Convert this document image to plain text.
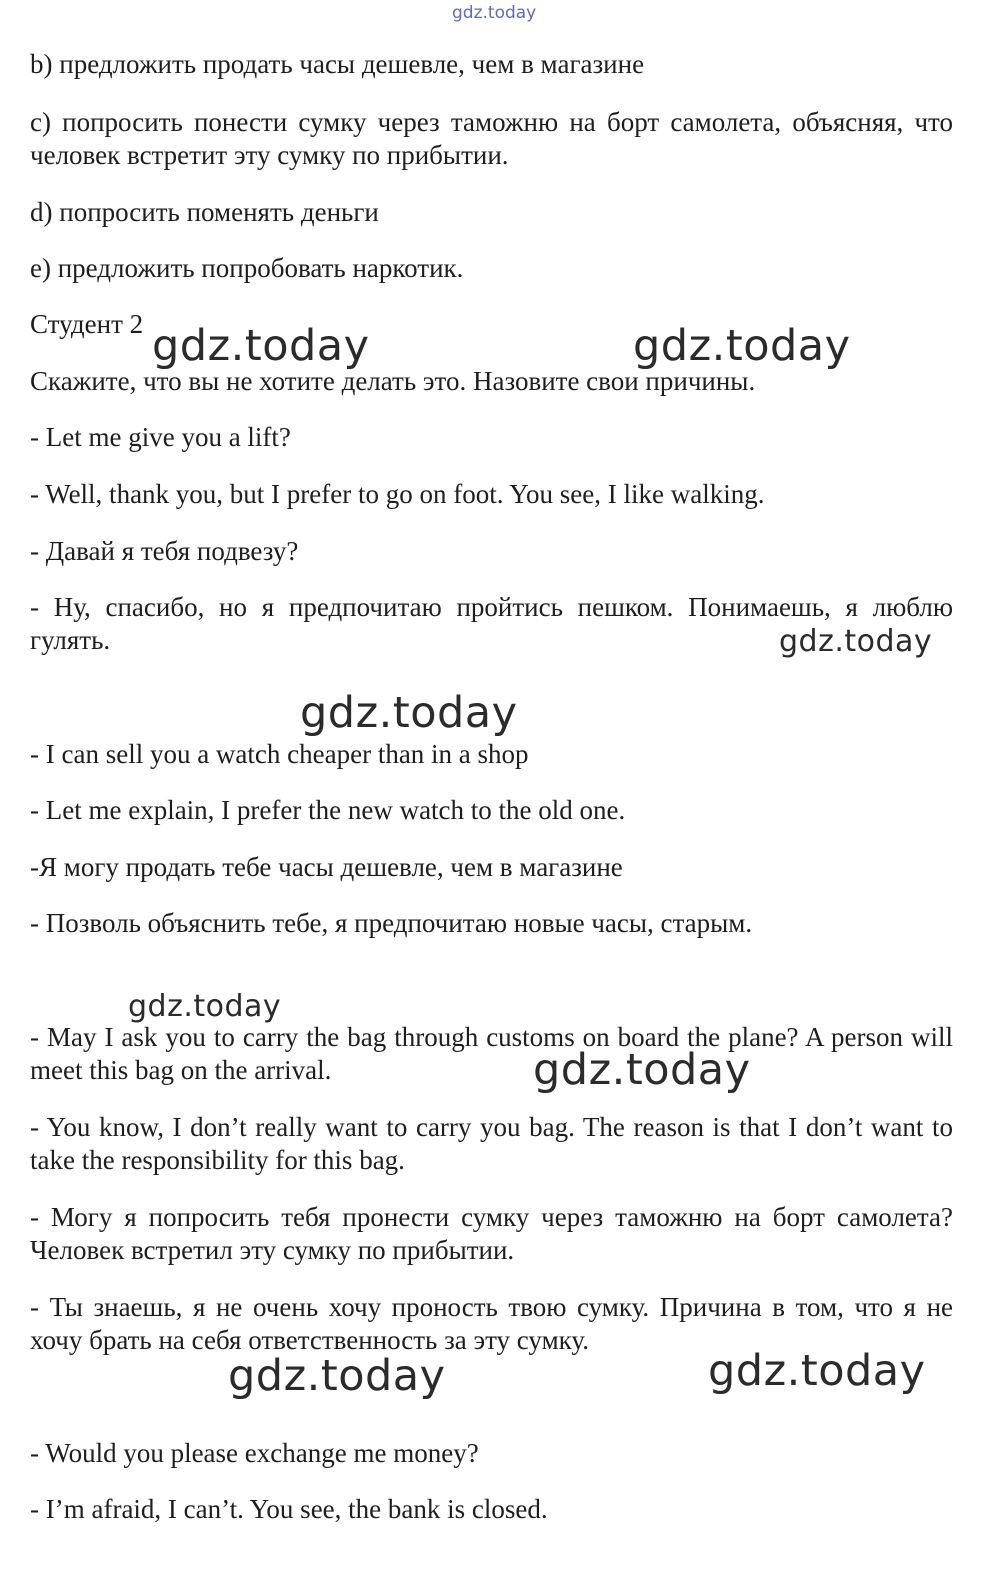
b) предложить продать часы дешевле, чем в магазине

c) попросить понести сумку через таможню на борт самолета, объясняя, что человек встретит эту сумку по прибытии.

d) попросить поменять деньги

e) предложить попробовать наркотик.

Студент 2

Скажите, что вы не хотите делать это. Назовите свои причины.

- Let me give you a lift?

- Well, thank you, but I prefer to go on foot. You see, I like walking.

- Давай я тебя подвезу?

- Ну, спасибо, но я предпочитаю пройтись пешком. Понимаешь, я люблю гулять.

- I can sell you a watch cheaper than in a shop

- Let me explain, I prefer the new watch to the old one.

-Я могу продать тебе часы дешевле, чем в магазине

- Позволь объяснить тебе, я предпочитаю новые часы, старым.

- May I ask you to carry the bag through customs on board the plane? A person will meet this bag on the arrival.

- You know, I don’t really want to carry you bag. The reason is that I don’t want to take the responsibility for this bag.

- Могу я попросить тебя пронести сумку через таможню на борт самолета? Человек встретил эту сумку по прибытии.

- Ты знаешь, я не очень хочу проность твою сумку. Причина в том, что я не хочу брать на себя ответственность за эту сумку.

- Would you please exchange me money?

- I’m afraid, I can’t. You see, the bank is closed.

gdz.today
gdz.today	gdz.today
gdz.today
gdz.today
gdz.today
gdz.today
gdz.today	gdz.today
